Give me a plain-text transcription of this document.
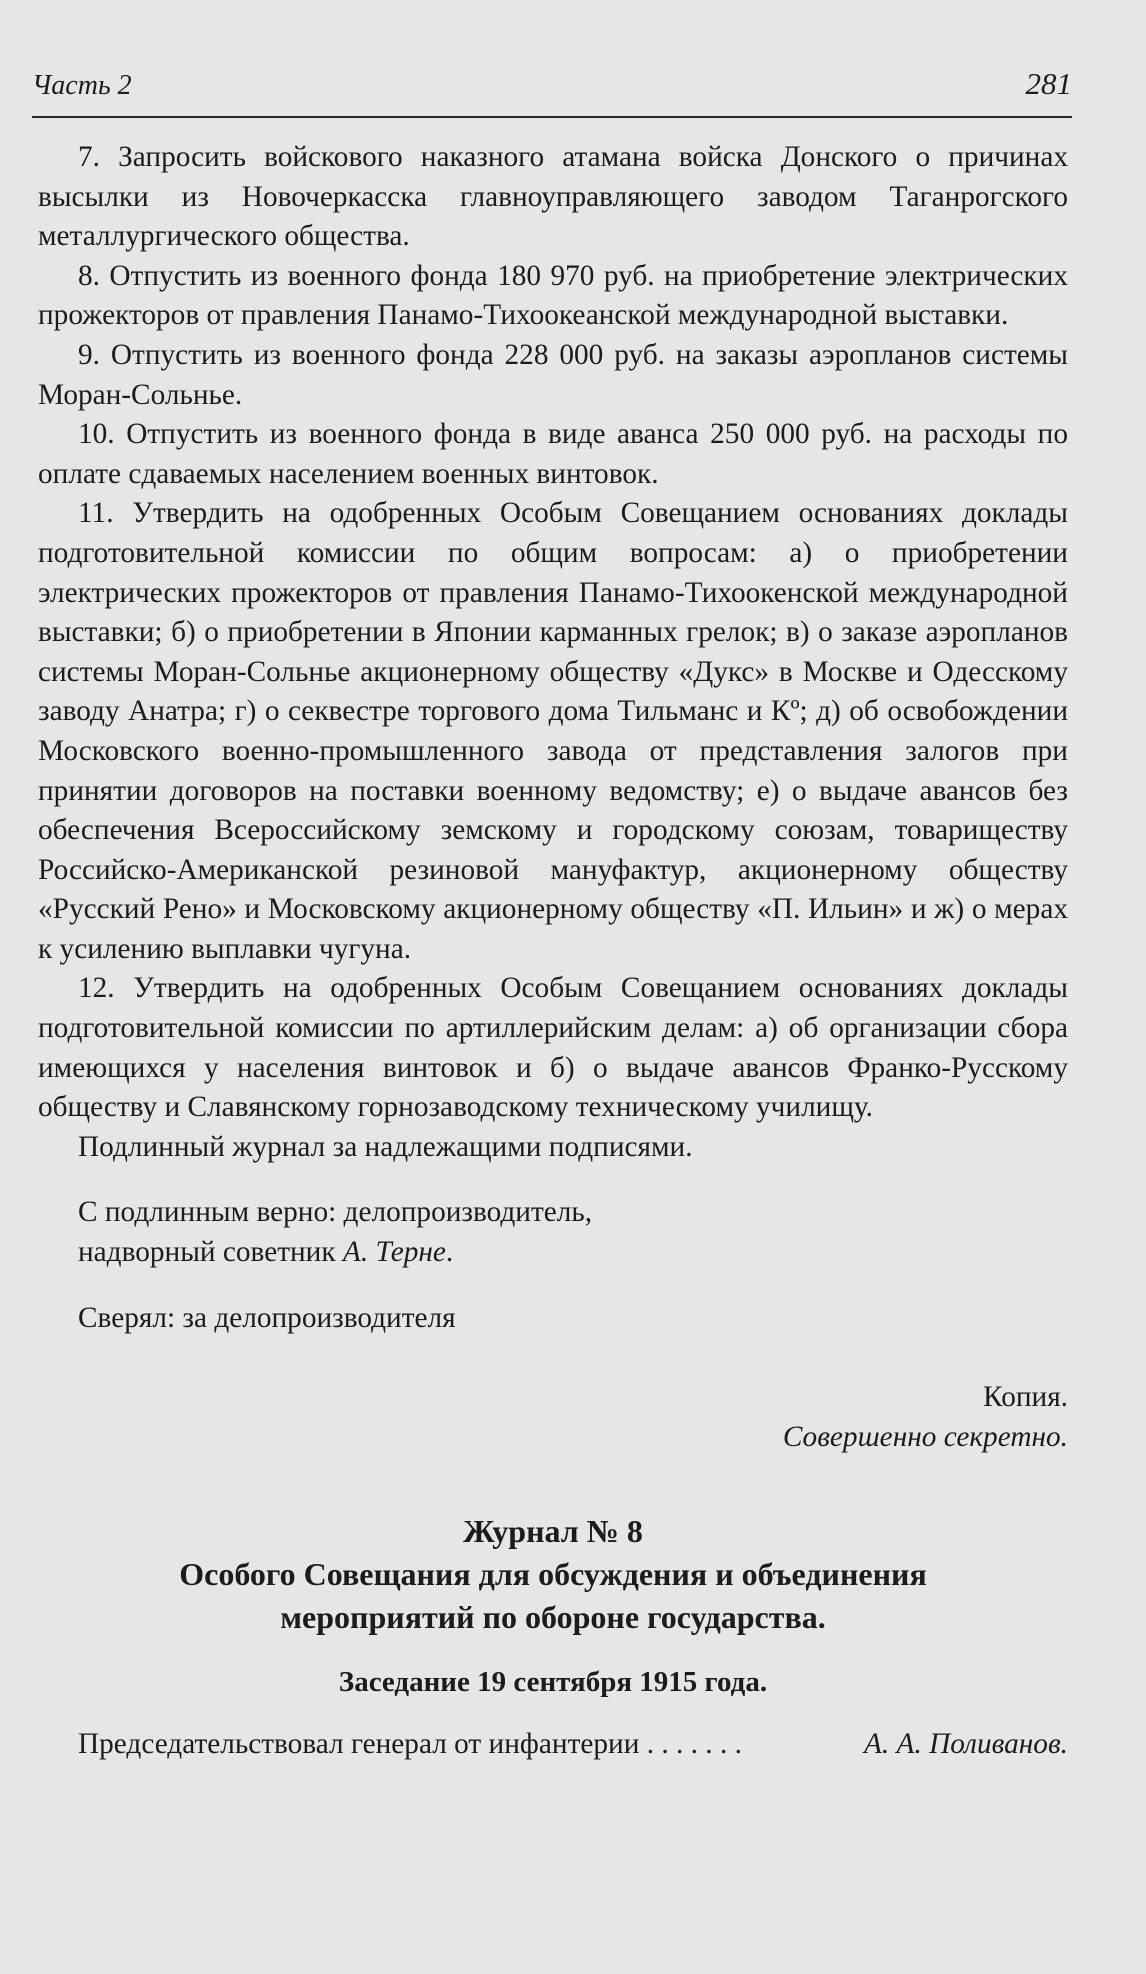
Часть 2	281

7. Запросить войскового наказного атамана войска Донского о причинах высылки из Новочеркасска главноуправляющего заводом Таганрогского металлургического общества.

8. Отпустить из военного фонда 180 970 руб. на приобретение электрических прожекторов от правления Панамо-Тихоокеанской международной выставки.

9. Отпустить из военного фонда 228 000 руб. на заказы аэропланов системы Моран-Сольнье.

10. Отпустить из военного фонда в виде аванса 250 000 руб. на расходы по оплате сдаваемых населением военных винтовок.

11. Утвердить на одобренных Особым Совещанием основаниях доклады подготовительной комиссии по общим вопросам: а) о приобретении электрических прожекторов от правления Панамо-Тихоокенской международной выставки; б) о приобретении в Японии карманных грелок; в) о заказе аэропланов системы Моран-Сольнье акционерному обществу «Дукс» в Москве и Одесскому заводу Анатра; г) о секвестре торгового дома Тильманс и Кº; д) об освобождении Московского военно-промышленного завода от представления залогов при принятии договоров на поставки военному ведомству; е) о выдаче авансов без обеспечения Всероссийскому земскому и городскому союзам, товариществу Российско-Американской резиновой мануфактур, акционерному обществу «Русский Рено» и Московскому акционерному обществу «П. Ильин» и ж) о мерах к усилению выплавки чугуна.

12. Утвердить на одобренных Особым Совещанием основаниях доклады подготовительной комиссии по артиллерийским делам: а) об организации сбора имеющихся у населения винтовок и б) о выдаче авансов Франко-Русскому обществу и Славянскому горнозаводскому техническому училищу.

Подлинный журнал за надлежащими подписями.

С подлинным верно: делопроизводитель,

надворный советник А. Терне.

Сверял: за делопроизводителя

Копия.

Совершенно секретно.

Журнал № 8

Особого Совещания для обсуждения и объединения

мероприятий по обороне государства.

Заседание 19 сентября 1915 года.

Председательствовал генерал от инфантерии . . . . . . .	А. А. Поливанов.
